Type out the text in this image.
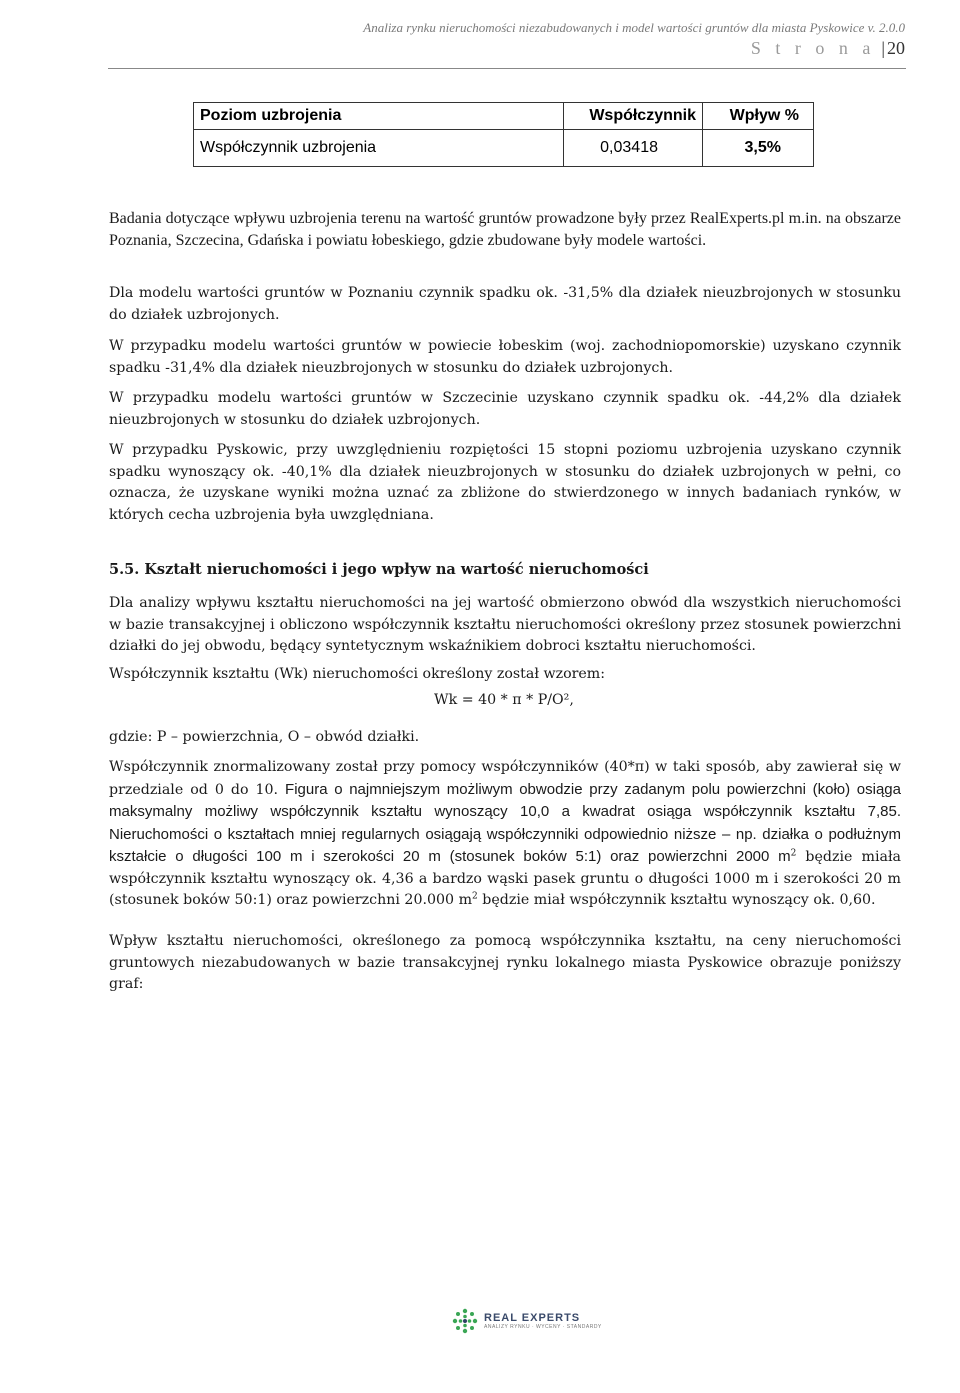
Analiza rynku nieruchomości niezabudowanych i model wartości gruntów dla miasta Pyskowice v. 2.0.0
S t r o n a | 20
Poziom uzbrojenia	Współczynnik	Wpływ %
Współczynnik uzbrojenia	0,03418	3,5%

Badania dotyczące wpływu uzbrojenia terenu na wartość gruntów prowadzone były przez RealExperts.pl m.in. na obszarze Poznania, Szczecina, Gdańska i powiatu łobeskiego, gdzie zbudowane były modele wartości.

Dla modelu wartości gruntów w Poznaniu czynnik spadku ok. -31,5% dla działek nieuzbrojonych w stosunku do działek uzbrojonych.

W przypadku modelu wartości gruntów w powiecie łobeskim (woj. zachodniopomorskie) uzyskano czynnik spadku -31,4% dla działek nieuzbrojonych w stosunku do działek uzbrojonych.

W przypadku modelu wartości gruntów w Szczecinie uzyskano czynnik spadku ok. -44,2% dla działek nieuzbrojonych w stosunku do działek uzbrojonych.

W przypadku Pyskowic, przy uwzględnieniu rozpiętości 15 stopni poziomu uzbrojenia uzyskano czynnik spadku wynoszący ok. -40,1% dla działek nieuzbrojonych w stosunku do działek uzbrojonych w pełni, co oznacza, że uzyskane wyniki można uznać za zbliżone do stwierdzonego w innych badaniach rynków, w których cecha uzbrojenia była uwzględniana.

5.5. Kształt nieruchomości i jego wpływ na wartość nieruchomości

Dla analizy wpływu kształtu nieruchomości na jej wartość obmierzono obwód dla wszystkich nieruchomości w bazie transakcyjnej i obliczono współczynnik kształtu nieruchomości określony przez stosunek powierzchni działki do jej obwodu, będący syntetycznym wskaźnikiem dobroci kształtu nieruchomości.

Współczynnik kształtu (Wk) nieruchomości określony został wzorem:

Wk = 40 * π * P/O²,

gdzie: P – powierzchnia, O – obwód działki.

Współczynnik znormalizowany został przy pomocy współczynników (40*π) w taki sposób, aby zawierał się w przedziale od 0 do 10. Figura o najmniejszym możliwym obwodzie przy zadanym polu powierzchni (koło) osiąga maksymalny możliwy współczynnik kształtu wynoszący 10,0 a kwadrat osiąga współczynnik kształtu 7,85. Nieruchomości o kształtach mniej regularnych osiągają współczynniki odpowiednio niższe – np. działka o podłużnym kształcie o długości 100 m i szerokości 20 m (stosunek boków 5:1) oraz powierzchni 2000 $m^2$ będzie miała współczynnik kształtu wynoszący ok. 4,36 a bardzo wąski pasek gruntu o długości 1000 m i szerokości 20 m (stosunek boków 50:1) oraz powierzchni 20.000 $m^2$ będzie miał współczynnik kształtu wynoszący ok. 0,60.

Wpływ kształtu nieruchomości, określonego za pomocą współczynnika kształtu, na ceny nieruchomości gruntowych niezabudowanych w bazie transakcyjnej rynku lokalnego miasta Pyskowice obrazuje poniższy graf:

REAL EXPERTS
ANALIZY RYNKU · WYCENY · STANDARDY
